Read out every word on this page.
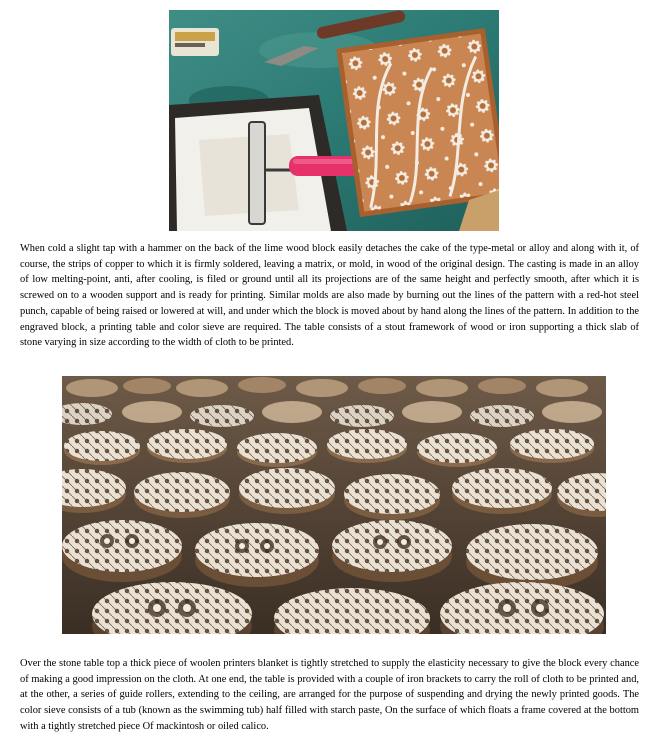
When cold a slight tap with a hammer on the back of the lime wood block easily detaches the cake of the type-metal or alloy and along with it, of course, the strips of copper to which it is firmly soldered, leaving a matrix, or mold, in wood of the original design. The casting is made in an alloy of low melting-point, anti, after cooling, is filed or ground until all its projections are of the same height and perfectly smooth, after which it is screwed on to a wooden support and is ready for printing. Similar molds are also made by burning out the lines of the pattern with a red-hot steel punch, capable of being raised or lowered at will, and under which the block is moved about by hand along the lines of the pattern. In addition to the engraved block, a printing table and color sieve are required. The table consists of a stout framework of wood or iron supporting a thick slab of stone varying in size according to the width of cloth to be printed.

Over the stone table top a thick piece of woolen printers blanket is tightly stretched to supply the elasticity necessary to give the block every chance of making a good impression on the cloth. At one end, the table is provided with a couple of iron brackets to carry the roll of cloth to be printed and, at the other, a series of guide rollers, extending to the ceiling, are arranged for the purpose of suspending and drying the newly printed goods. The color sieve consists of a tub (known as the swimming tub) half filled with starch paste, On the surface of which floats a frame covered at the bottom with a tightly stretched piece Of mackintosh or oiled calico.
